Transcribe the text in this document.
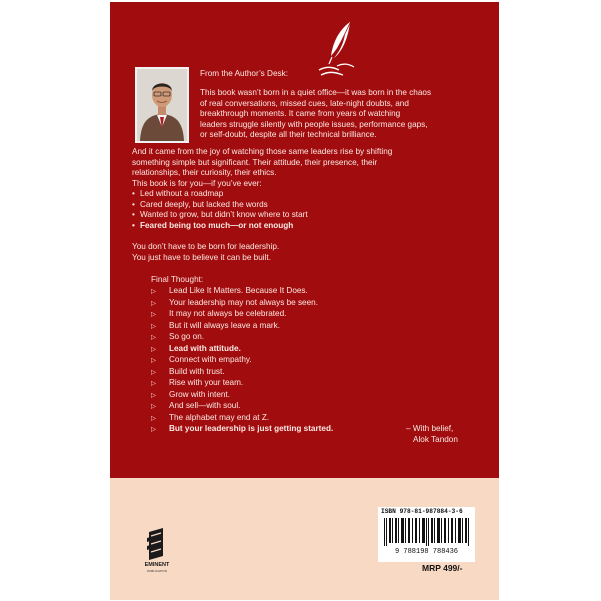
From the Author’s Desk:

This book wasn’t born in a quiet office—it was born in the chaos
of real conversations, missed cues, late-night doubts, and
breakthrough moments. It came from years of watching
leaders struggle silently with people issues, performance gaps,
or self-doubt, despite all their technical brilliance.
And it came from the joy of watching those same leaders rise by shifting
something simple but significant. Their attitude, their presence, their
relationships, their curiosity, their ethics.
This book is for you—if you’ve ever:
• Led without a roadmap
• Cared deeply, but lacked the words
• Wanted to grow, but didn’t know where to start
• Feared being too much—or not enough
You don’t have to be born for leadership.
You just have to believe it can be built.

Final Thought:

▷ Lead Like It Matters. Because It Does.
▷ Your leadership may not always be seen.
▷ It may not always be celebrated.
▷ But it will always leave a mark.
▷ So go on.
▷ Lead with attitude.
▷ Connect with empathy.
▷ Build with trust.
▷ Rise with your team.
▷ Grow with intent.
▷ And sell—with soul.
▷ The alphabet may end at Z.
▷ But your leadership is just getting started.	– With belief,
Alok Tandon
EMINENT
PUBLICATION
ISBN 978-81-987884-3-6
9 788198 788436
MRP 499/-
